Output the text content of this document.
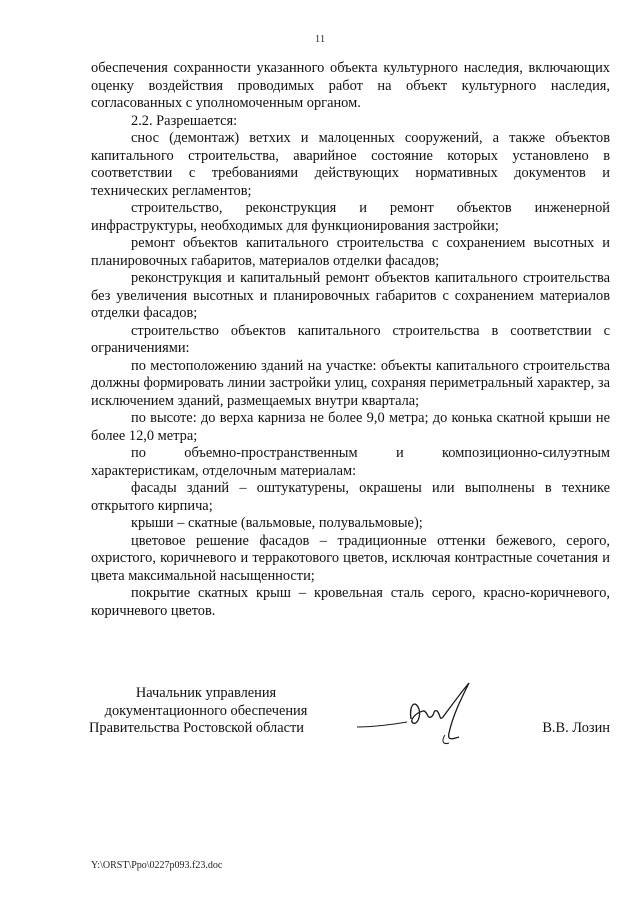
11

обеспечения сохранности указанного объекта культурного наследия, включающих оценку воздействия проводимых работ на объект культурного наследия, согласованных с уполномоченным органом.

2.2. Разрешается:

снос (демонтаж) ветхих и малоценных сооружений, а также объектов капитального строительства, аварийное состояние которых установлено в соответствии с требованиями действующих нормативных документов и технических регламентов;

строительство, реконструкция и ремонт объектов инженерной инфраструктуры, необходимых для функционирования застройки;

ремонт объектов капитального строительства с сохранением высотных и планировочных габаритов, материалов отделки фасадов;

реконструкция и капитальный ремонт объектов капитального строительства без увеличения высотных и планировочных габаритов с сохранением материалов отделки фасадов;

строительство объектов капитального строительства в соответствии с ограничениями:

по местоположению зданий на участке: объекты капитального строительства должны формировать линии застройки улиц, сохраняя периметральный характер, за исключением зданий, размещаемых внутри квартала;

по высоте: до верха карниза не более 9,0 метра; до конька скатной крыши не более 12,0 метра;

по объемно-пространственным и композиционно-силуэтным характеристикам, отделочным материалам:

фасады зданий – оштукатурены, окрашены или выполнены в технике открытого кирпича;

крыши – скатные (вальмовые, полувальмовые);

цветовое решение фасадов – традиционные оттенки бежевого, серого, охристого, коричневого и терракотового цветов, исключая контрастные сочетания и цвета максимальной насыщенности;

покрытие скатных крыш – кровельная сталь серого, красно-коричневого, коричневого цветов.

Начальник управления
документационного обеспечения
Правительства Ростовской области	В.В. Лозин
Y:\ORST\Ppo\0227p093.f23.doc
